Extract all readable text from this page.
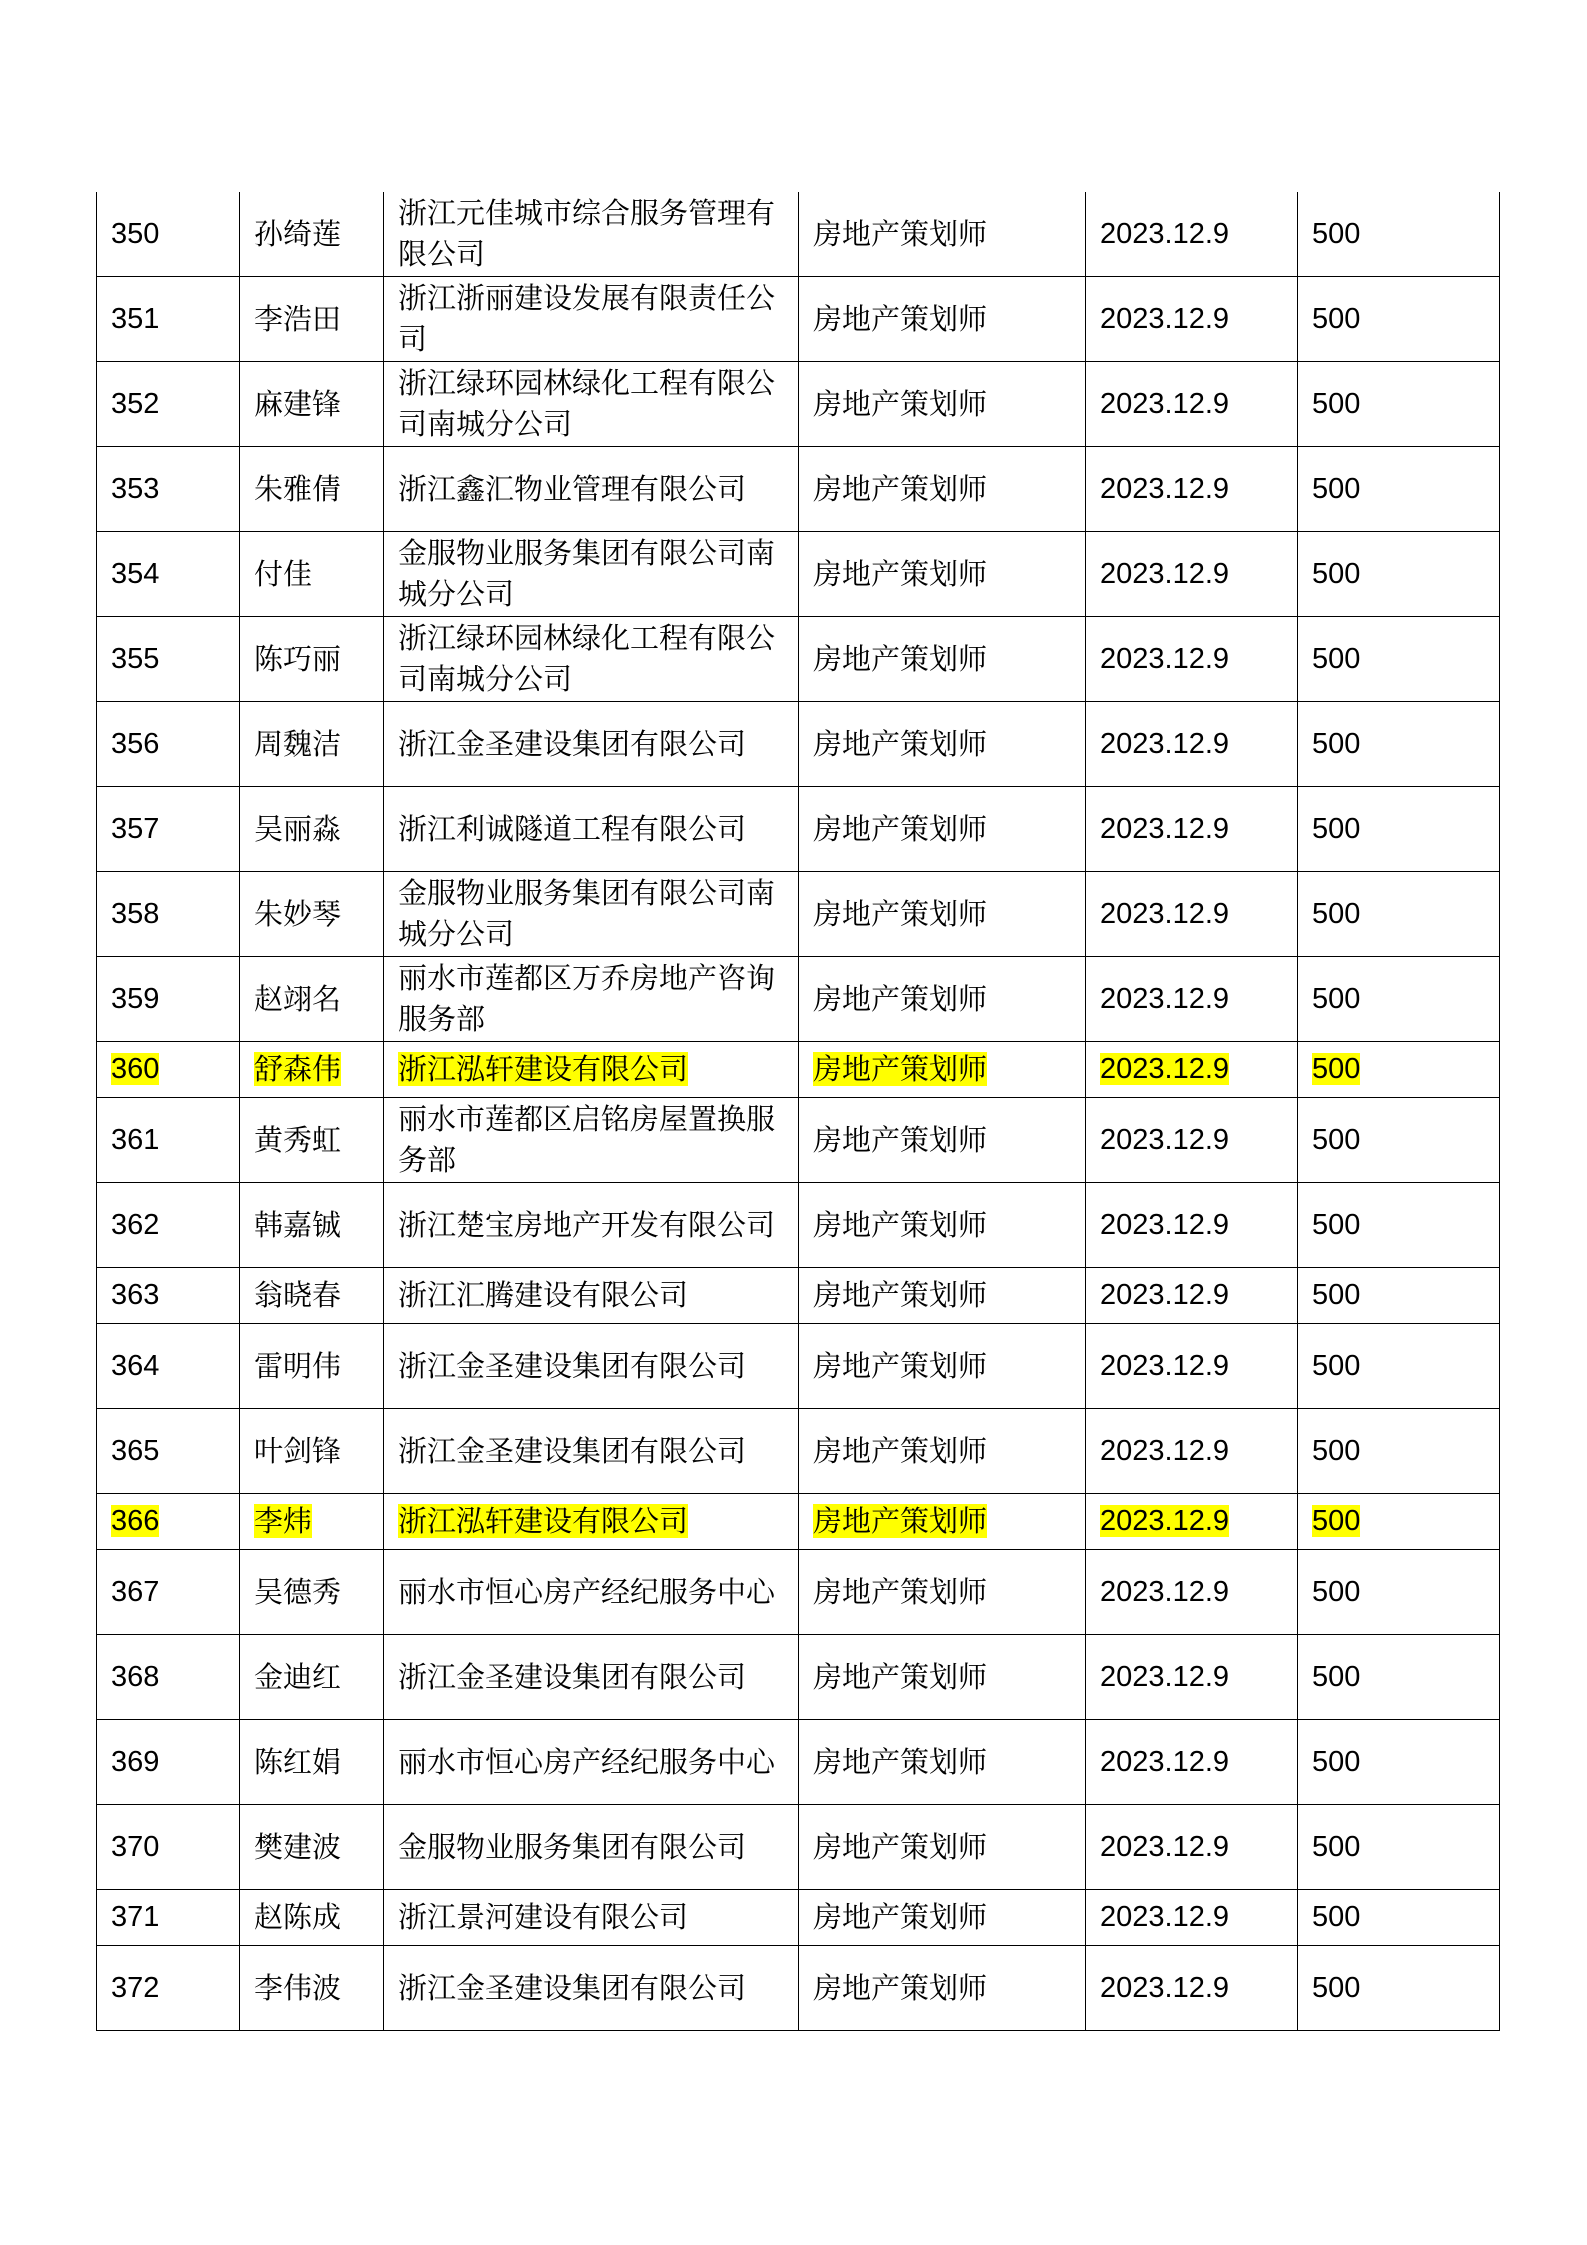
350	孙绮莲	浙江元佳城市综合服务管理有限公司	房地产策划师	2023.12.9	500
351	李浩田	浙江浙丽建设发展有限责任公司	房地产策划师	2023.12.9	500
352	麻建锋	浙江绿环园林绿化工程有限公司南城分公司	房地产策划师	2023.12.9	500
353	朱雅倩	浙江鑫汇物业管理有限公司	房地产策划师	2023.12.9	500
354	付佳	金服物业服务集团有限公司南城分公司	房地产策划师	2023.12.9	500
355	陈巧丽	浙江绿环园林绿化工程有限公司南城分公司	房地产策划师	2023.12.9	500
356	周魏洁	浙江金圣建设集团有限公司	房地产策划师	2023.12.9	500
357	吴丽淼	浙江利诚隧道工程有限公司	房地产策划师	2023.12.9	500
358	朱妙琴	金服物业服务集团有限公司南城分公司	房地产策划师	2023.12.9	500
359	赵翊名	丽水市莲都区万乔房地产咨询服务部	房地产策划师	2023.12.9	500
360	舒森伟	浙江泓轩建设有限公司	房地产策划师	2023.12.9	500
361	黄秀虹	丽水市莲都区启铭房屋置换服务部	房地产策划师	2023.12.9	500
362	韩嘉铖	浙江楚宝房地产开发有限公司	房地产策划师	2023.12.9	500
363	翁晓春	浙江汇腾建设有限公司	房地产策划师	2023.12.9	500
364	雷明伟	浙江金圣建设集团有限公司	房地产策划师	2023.12.9	500
365	叶剑锋	浙江金圣建设集团有限公司	房地产策划师	2023.12.9	500
366	李炜	浙江泓轩建设有限公司	房地产策划师	2023.12.9	500
367	吴德秀	丽水市恒心房产经纪服务中心	房地产策划师	2023.12.9	500
368	金迪红	浙江金圣建设集团有限公司	房地产策划师	2023.12.9	500
369	陈红娟	丽水市恒心房产经纪服务中心	房地产策划师	2023.12.9	500
370	樊建波	金服物业服务集团有限公司	房地产策划师	2023.12.9	500
371	赵陈成	浙江景河建设有限公司	房地产策划师	2023.12.9	500
372	李伟波	浙江金圣建设集团有限公司	房地产策划师	2023.12.9	500
